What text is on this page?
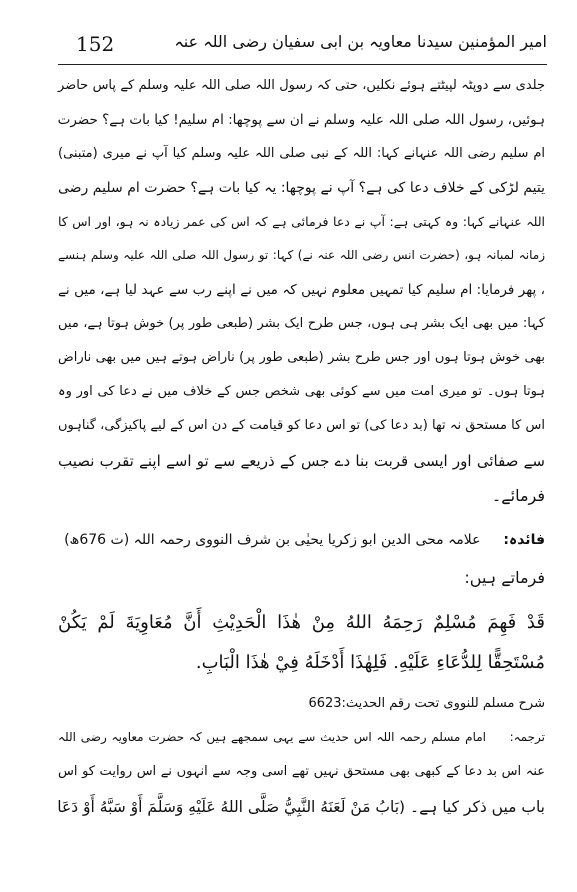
152	امیر المؤمنین سیدنا معاویہ بن ابی سفیان رضی اللہ عنہ
جلدی سے دوپٹہ لپیٹتے ہوئے نکلیں، حتی کہ رسول اللہ صلی اللہ علیہ وسلم کے پاس حاضر
ہوئیں، رسول اللہ صلی اللہ علیہ وسلم نے ان سے پوچھا: ام سلیم! کیا بات ہے؟ حضرت
ام سلیم رضی اللہ عنہانے کہا: اللہ کے نبی صلی اللہ علیہ وسلم کیا آپ نے میری (متبنی)
یتیم لڑکی کے خلاف دعا کی ہے؟ آپ نے پوچھا: یہ کیا بات ہے؟ حضرت ام سلیم رضی
اللہ عنہانے کہا: وہ کہتی ہے: آپ نے دعا فرمائی ہے کہ اس کی عمر زیادہ نہ ہو، اور اس کا
زمانہ لمبانہ ہو، (حضرت انس رضی اللہ عنہ نے) کہا: تو رسول اللہ صلی اللہ علیہ وسلم ہنسے
، پھر فرمایا: ام سلیم کیا تمہیں معلوم نہیں کہ میں نے اپنے رب سے عہد لیا ہے، میں نے
کہا: میں بھی ایک بشر ہی ہوں، جس طرح ایک بشر (طبعی طور پر) خوش ہوتا ہے، میں
بھی خوش ہوتا ہوں اور جس طرح بشر (طبعی طور پر) ناراض ہوتے ہیں میں بھی ناراض
ہوتا ہوں۔ تو میری امت میں سے کوئی بھی شخص جس کے خلاف میں نے دعا کی اور وہ
اس کا مستحق نہ تھا (بد دعا کی) تو اس دعا کو قیامت کے دن اس کے لیے پاکیزگی، گناہوں
سے صفائی اور ایسی قربت بنا دے جس کے ذریعے سے تو اسے اپنے تقرب نصیب
فرمائے۔
فائدہ:  علامہ محی الدین ابو زکریا یحیٰی بن شرف النووی رحمہ اللہ (ت 676ھ)
فرماتے ہیں:
قَدْ فَهِمَ مُسْلِمٌ رَحِمَهُ اللهُ مِنْ هٰذَا الْحَدِيْثِ أَنَّ مُعَاوِيَةَ لَمْ يَكُنْ
مُسْتَحِقًّا لِلدُّعَاءِ عَلَيْهِ. فَلِهٰذَا أَدْخَلَهُ فِيْ هٰذَا الْبَابِ.
شرح مسلم للنووی تحت رقم الحدیث:6623
ترجمہ:  امام مسلم رحمہ اللہ اس حدیث سے یہی سمجھے ہیں کہ حضرت معاویہ رضی اللہ
عنہ اس بد دعا کے کبھی بھی مستحق نہیں تھے اسی وجہ سے انہوں نے اس روایت کو اس
باب میں ذکر کیا ہے۔ (بَابُ مَنْ لَعَنَهُ النَّبِيُّ صَلَّى اللهُ عَلَيْهِ وَسَلَّمَ أَوْ سَبَّهُ أَوْ دَعَا
